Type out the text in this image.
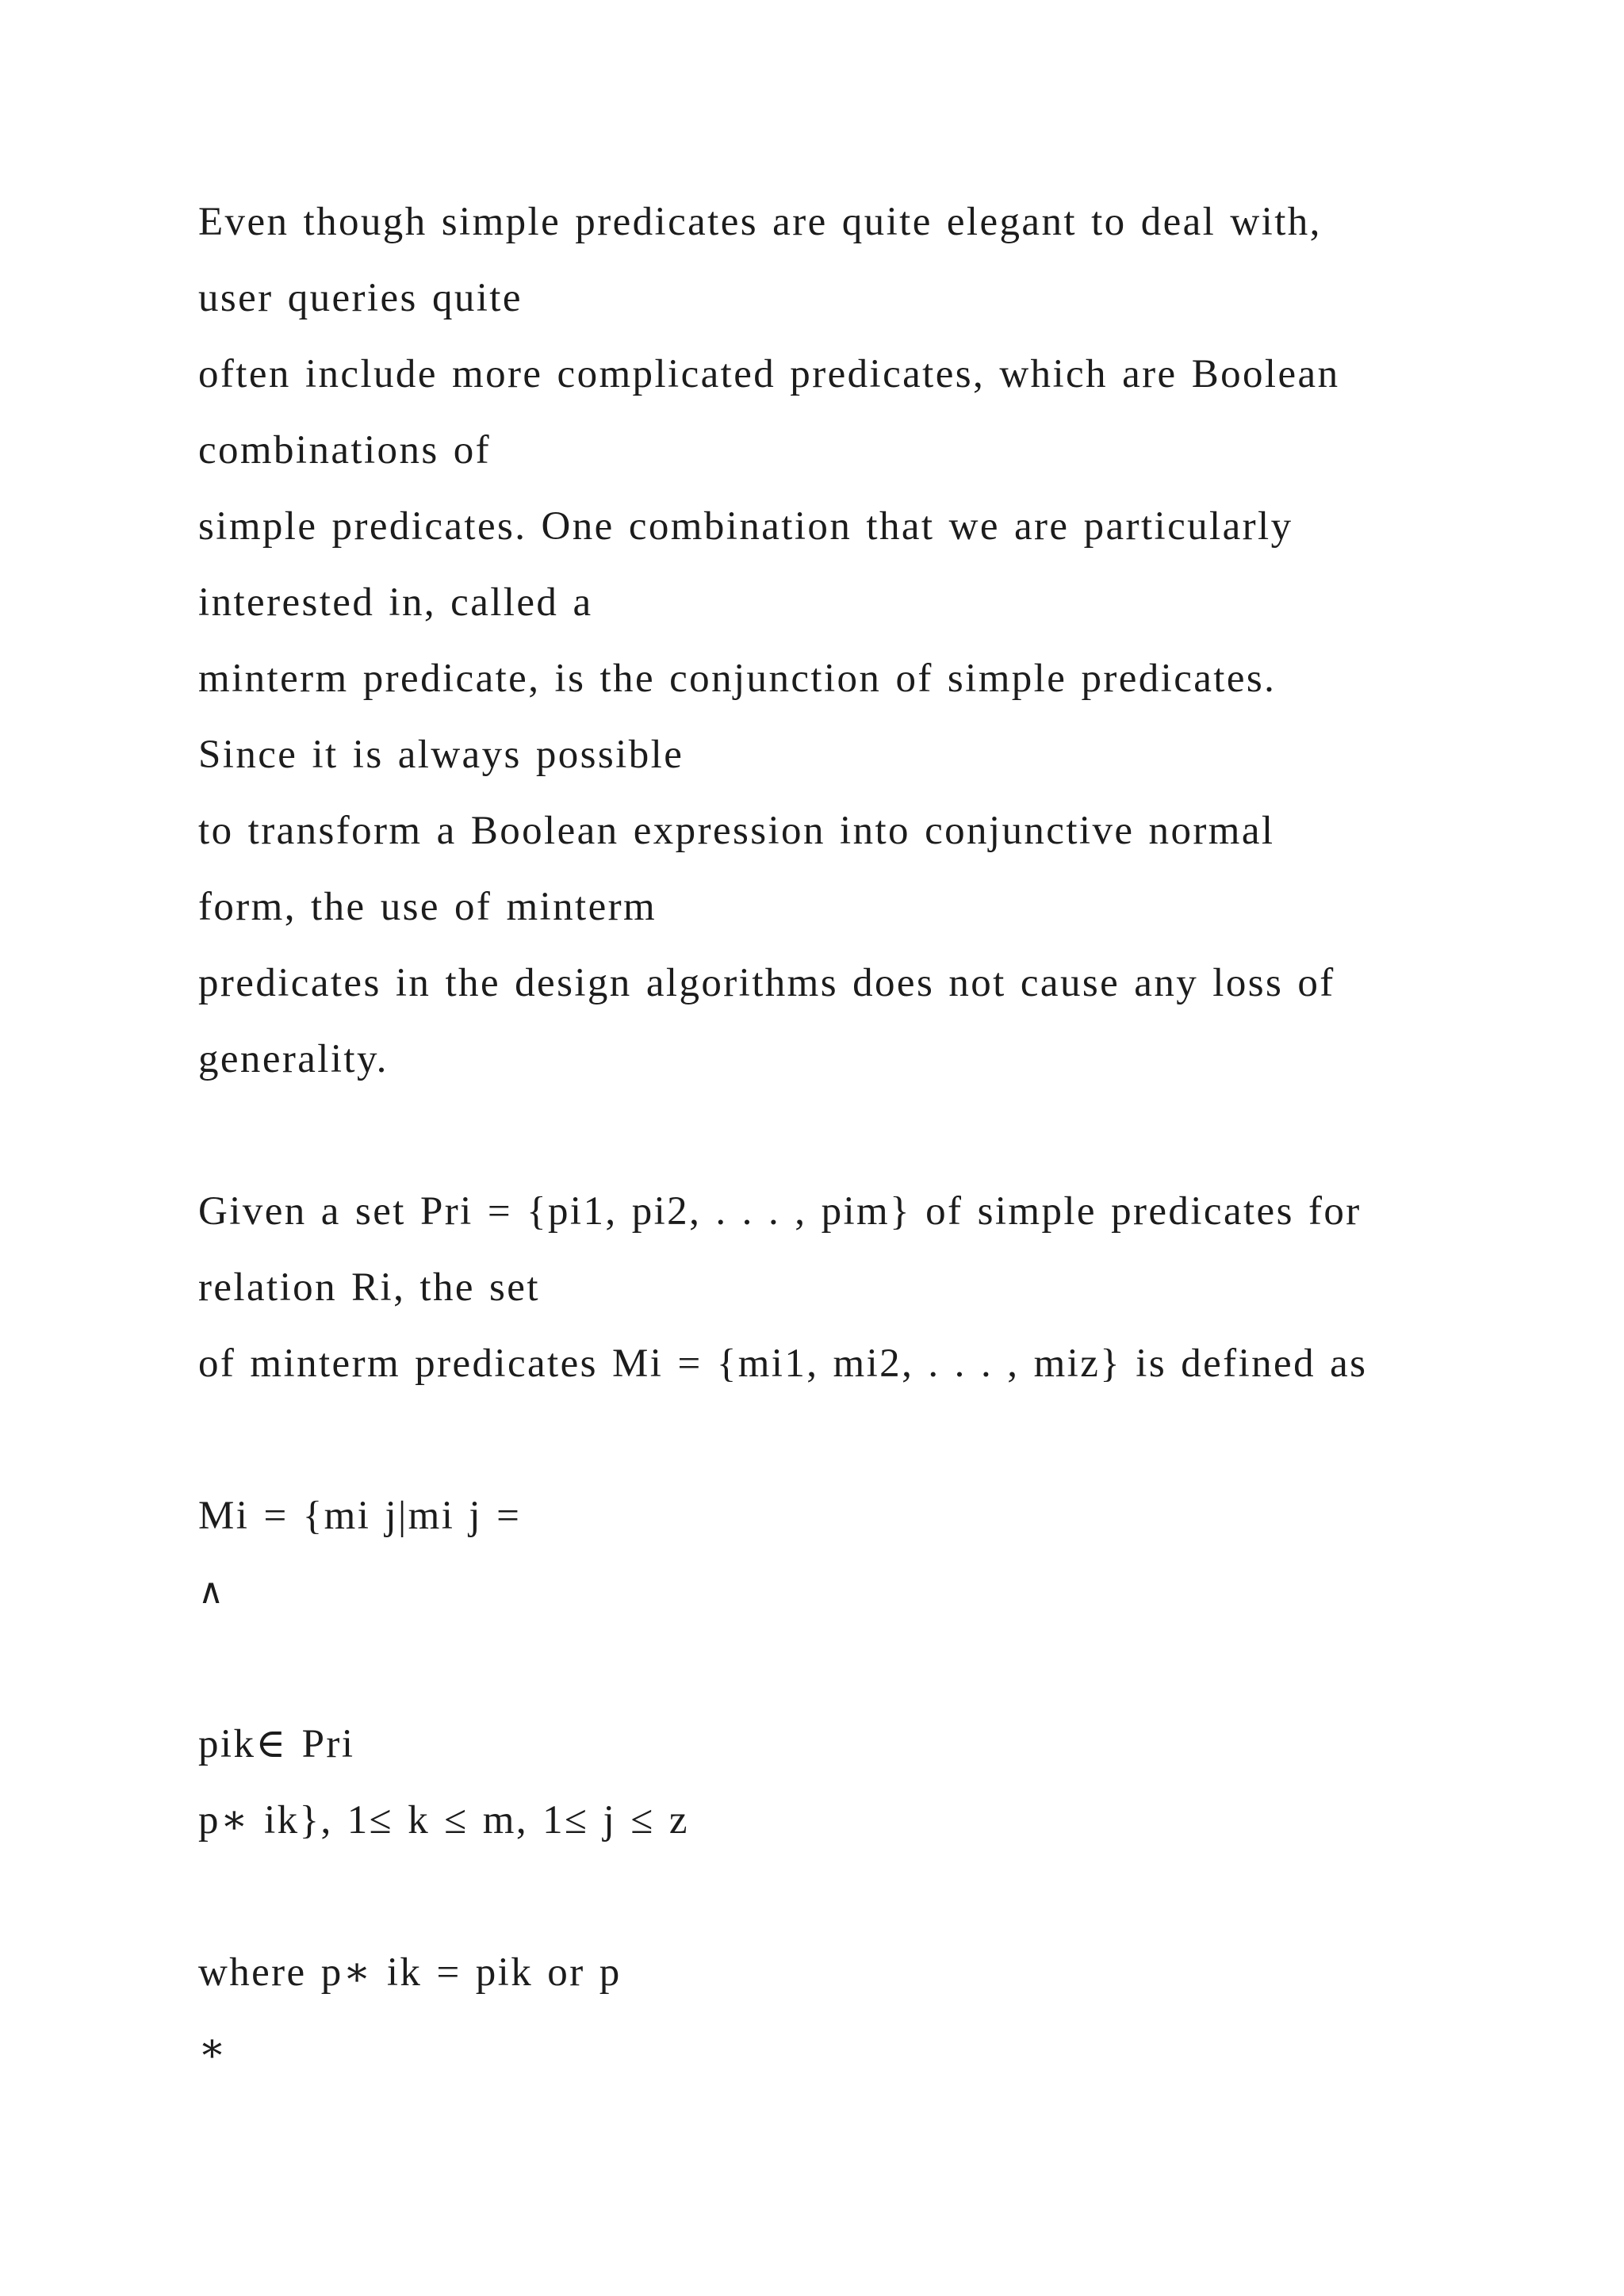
Even though simple predicates are quite elegant to deal with,
user queries quite
often include more complicated predicates, which are Boolean
combinations of
simple predicates. One combination that we are particularly
interested in, called a
minterm predicate, is the conjunction of simple predicates.
Since it is always possible
to transform a Boolean expression into conjunctive normal
form, the use of minterm
predicates in the design algorithms does not cause any loss of
generality.
Given a set Pri = {pi1, pi2, . . . , pim} of simple predicates for
relation Ri, the set
of minterm predicates Mi = {mi1, mi2, . . . , miz} is defined as
Mi = {mi j|mi j =
∧
pik∈ Pri
p∗ ik}, 1≤ k ≤ m, 1≤ j ≤ z
where p∗ ik = pik or p
∗
